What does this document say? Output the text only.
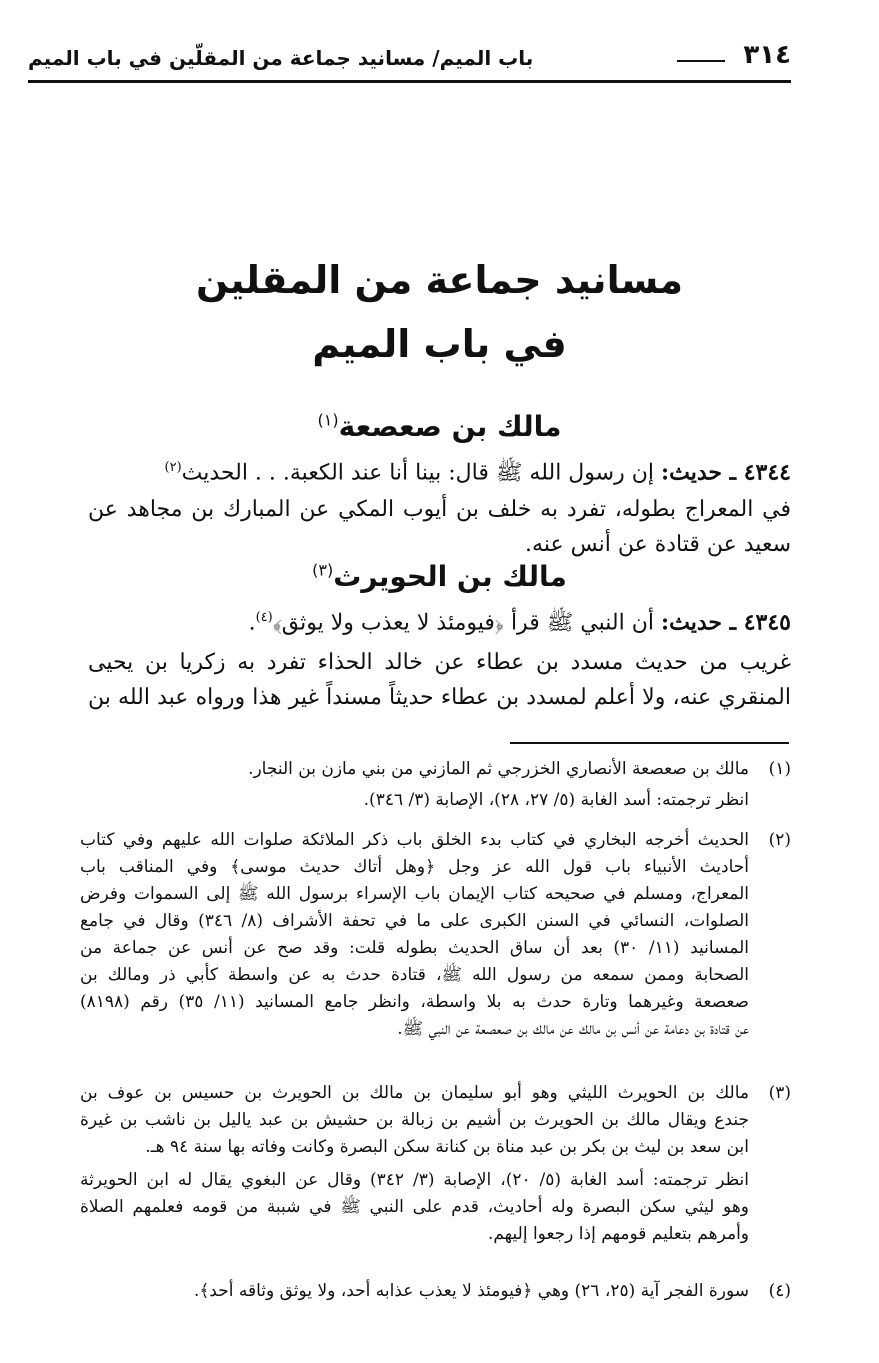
٣١٤
باب الميم/ مسانيد جماعة من المقلّين في باب الميم
مسانيد جماعة من المقلين
في باب الميم
مالك بن صعصعة$^{(١)}$
٤٣٤٤ ـ حديث: إن رسول الله ﷺ قال: بينا أنا عند الكعبة. . . الحديث$^{(٢)}$
في المعراج بطوله، تفرد به خلف بن أيوب المكي عن المبارك بن مجاهد عن
سعيد عن قتادة عن أنس عنه.
مالك بن الحويرث$^{(٣)}$
٤٣٤٥ ـ حديث: أن النبي ﷺ قرأ ﴿فيومئذ لا يعذب ولا يوثق﴾$^{(٤)}$.
غريب من حديث مسدد بن عطاء عن خالد الحذاء تفرد به زكريا بن يحيى
المنقري عنه، ولا أعلم لمسدد بن عطاء حديثاً مسنداً غير هذا ورواه عبد الله بن
(١)
مالك بن صعصعة الأنصاري الخزرجي ثم المازني من بني مازن بن النجار.
انظر ترجمته: أسد الغابة (٥/ ٢٧، ٢٨)، الإصابة (٣/ ٣٤٦).
(٢)
الحديث أخرجه البخاري في كتاب بدء الخلق باب ذكر الملائكة صلوات الله عليهم وفي كتاب
أحاديث الأنبياء باب قول الله عز وجل ﴿وهل أتاك حديث موسى﴾ وفي المناقب باب
المعراج، ومسلم في صحيحه كتاب الإيمان باب الإسراء برسول الله ﷺ إلى السموات وفرض
الصلوات، النسائي في السنن الكبرى على ما في تحفة الأشراف (٨/ ٣٤٦) وقال في جامع
المسانيد (١١/ ٣٠) بعد أن ساق الحديث بطوله قلت: وقد صح عن أنس عن جماعة من
الصحابة وممن سمعه من رسول الله ﷺ، قتادة حدث به عن واسطة كأبي ذر ومالك بن
صعصعة وغيرهما وتارة حدث به بلا واسطة، وانظر جامع المسانيد (١١/ ٣٥) رقم (٨١٩٨)
عن قتادة بن دعامة عن أنس بن مالك عن مالك بن صعصعة عن النبي ﷺ.
(٣)
مالك بن الحويرث الليثي وهو أبو سليمان بن مالك بن الحويرث بن حسيس بن عوف بن
جندع ويقال مالك بن الحويرث بن أشيم بن زبالة بن حشيش بن عبد ياليل بن ناشب بن غيرة
ابن سعد بن ليث بن بكر بن عبد مناة بن كنانة سكن البصرة وكانت وفاته بها سنة ٩٤ هـ.
انظر ترجمته: أسد الغابة (٥/ ٢٠)، الإصابة (٣/ ٣٤٢) وقال عن البغوي يقال له ابن الحويرثة
وهو ليثي سكن البصرة وله أحاديث، قدم على النبي ﷺ في شببة من قومه فعلمهم الصلاة
وأمرهم بتعليم قومهم إذا رجعوا إليهم.
(٤)
سورة الفجر آية (٢٥، ٢٦) وهي ﴿فيومئذ لا يعذب عذابه أحد، ولا يوثق وثاقه أحد﴾.
